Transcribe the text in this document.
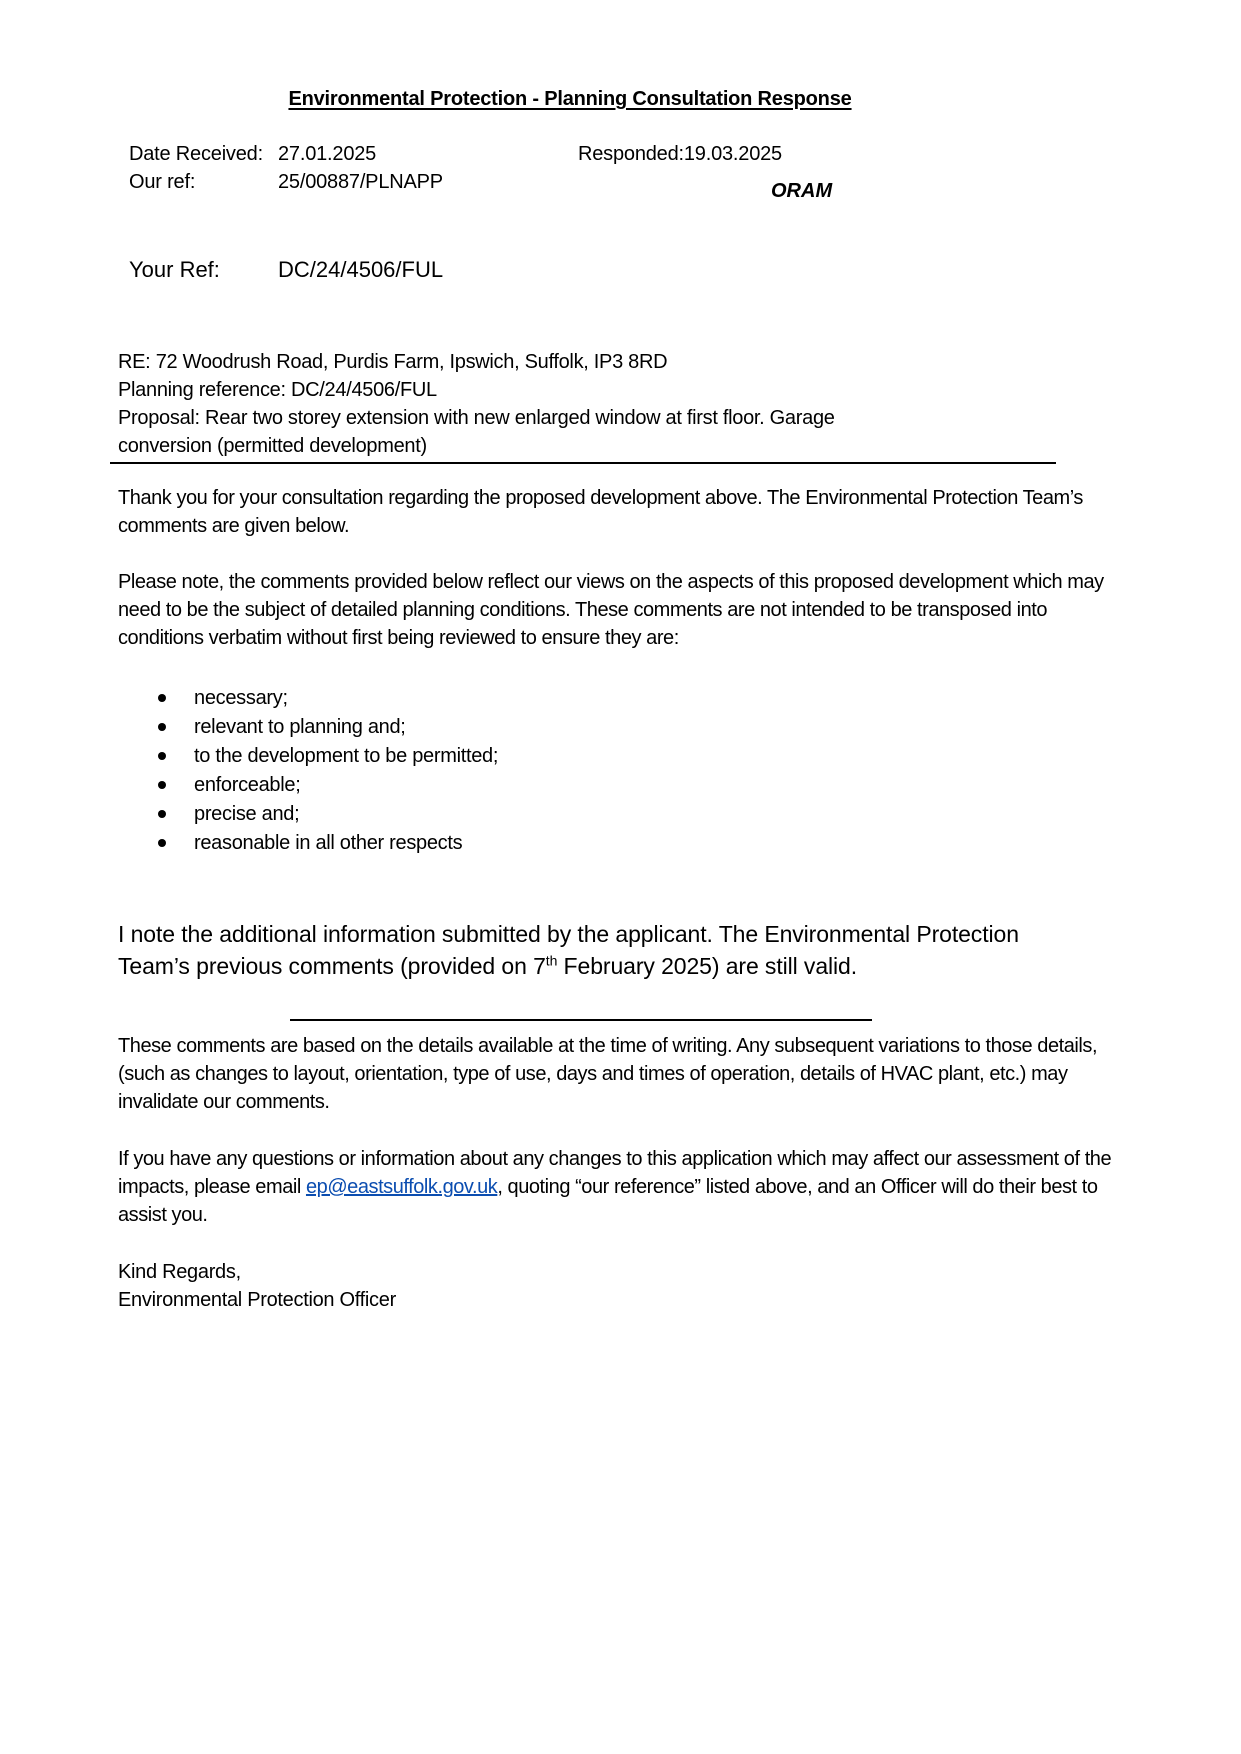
Environmental Protection - Planning Consultation Response
Date Received: 27.01.2025	Responded:19.03.2025
Our ref:	25/00887/PLNAPP	ORAM
Your Ref:	DC/24/4506/FUL
RE: 72 Woodrush Road, Purdis Farm, Ipswich, Suffolk, IP3 8RD
Planning reference: DC/24/4506/FUL
Proposal: Rear two storey extension with new enlarged window at first floor. Garage
conversion (permitted development)
Thank you for your consultation regarding the proposed development above. The Environmental Protection Team’s comments are given below.
Please note, the comments provided below reflect our views on the aspects of this proposed development which may need to be the subject of detailed planning conditions. These comments are not intended to be transposed into conditions verbatim without first being reviewed to ensure they are:
necessary;
relevant to planning and;
to the development to be permitted;
enforceable;
precise and;
reasonable in all other respects
I note the additional information submitted by the applicant. The Environmental Protection
Team’s previous comments (provided on 7th February 2025) are still valid.
These comments are based on the details available at the time of writing. Any subsequent variations to those details, (such as changes to layout, orientation, type of use, days and times of operation, details of HVAC plant, etc.) may invalidate our comments.
If you have any questions or information about any changes to this application which may affect our assessment of the impacts, please email ep@eastsuffolk.gov.uk, quoting “our reference” listed above, and an Officer will do their best to assist you.
Kind Regards,
Environmental Protection Officer
